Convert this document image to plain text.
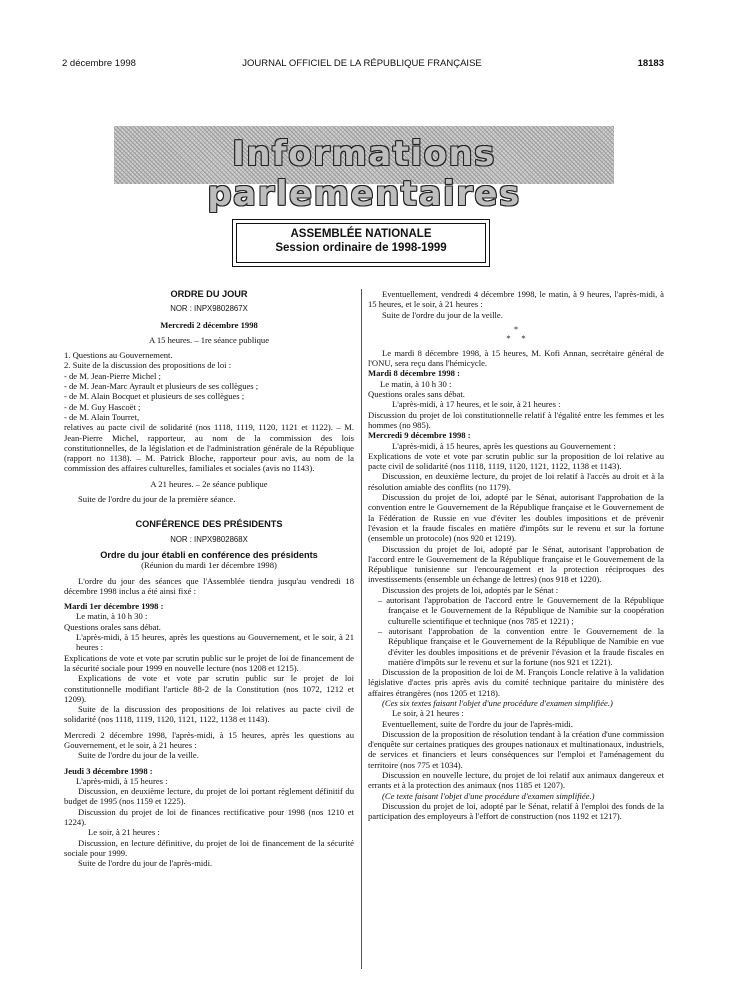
2 décembre 1998	JOURNAL OFFICIEL DE LA RÉPUBLIQUE FRANÇAISE	18183
Informations parlementaires
ASSEMBLÉE NATIONALE
Session ordinaire de 1998-1999

ORDRE DU JOUR

NOR : INPX9802867X

Mercredi 2 décembre 1998

A 15 heures. – 1re séance publique

1. Questions au Gouvernement.

2. Suite de la discussion des propositions de loi :

- de M. Jean-Pierre Michel ;

- de M. Jean-Marc Ayrault et plusieurs de ses collègues ;

- de M. Alain Bocquet et plusieurs de ses collègues ;

- de M. Guy Hascoët ;

- de M. Alain Tourret,

relatives au pacte civil de solidarité (nos 1118, 1119, 1120, 1121 et 1122). – M. Jean-Pierre Michel, rapporteur, au nom de la commission des lois constitutionnelles, de la législation et de l'administration générale de la République (rapport no 1138). – M. Patrick Bloche, rapporteur pour avis, au nom de la commission des affaires culturelles, familiales et sociales (avis no 1143).

A 21 heures. – 2e séance publique

Suite de l'ordre du jour de la première séance.

CONFÉRENCE DES PRÉSIDENTS

NOR : INPX9802868X

Ordre du jour établi en conférence des présidents

(Réunion du mardi 1er décembre 1998)

L'ordre du jour des séances que l'Assemblée tiendra jusqu'au vendredi 18 décembre 1998 inclus a été ainsi fixé :

Mardi 1er décembre 1998 :

Le matin, à 10 h 30 :

Questions orales sans débat.

L'après-midi, à 15 heures, après les questions au Gouvernement, et le soir, à 21 heures :

Explications de vote et vote par scrutin public sur le projet de loi de financement de la sécurité sociale pour 1999 en nouvelle lecture (nos 1208 et 1215).

Explications de vote et vote par scrutin public sur le projet de loi constitutionnelle modifiant l'article 88-2 de la Constitution (nos 1072, 1212 et 1209).

Suite de la discussion des propositions de loi relatives au pacte civil de solidarité (nos 1118, 1119, 1120, 1121, 1122, 1138 et 1143).

Mercredi 2 décembre 1998, l'après-midi, à 15 heures, après les questions au Gouvernement, et le soir, à 21 heures :

Suite de l'ordre du jour de la veille.

Jeudi 3 décembre 1998 :

L'après-midi, à 15 heures :

Discussion, en deuxième lecture, du projet de loi portant règlement définitif du budget de 1995 (nos 1159 et 1225).

Discussion du projet de loi de finances rectificative pour 1998 (nos 1210 et 1224).

Le soir, à 21 heures :

Discussion, en lecture définitive, du projet de loi de financement de la sécurité sociale pour 1999.

Suite de l'ordre du jour de l'après-midi.

Eventuellement, vendredi 4 décembre 1998, le matin, à 9 heures, l'après-midi, à 15 heures, et le soir, à 21 heures :

Suite de l'ordre du jour de la veille.

*
*     *

Le mardi 8 décembre 1998, à 15 heures, M. Kofi Annan, secrétaire général de l'ONU, sera reçu dans l'hémicycle.

Mardi 8 décembre 1998 :

Le matin, à 10 h 30 :

Questions orales sans débat.

L'après-midi, à 17 heures, et le soir, à 21 heures :

Discussion du projet de loi constitutionnelle relatif à l'égalité entre les femmes et les hommes (no 985).

Mercredi 9 décembre 1998 :

L'après-midi, à 15 heures, après les questions au Gouvernement :

Explications de vote et vote par scrutin public sur la proposition de loi relative au pacte civil de solidarité (nos 1118, 1119, 1120, 1121, 1122, 1138 et 1143).

Discussion, en deuxième lecture, du projet de loi relatif à l'accès au droit et à la résolution amiable des conflits (no 1179).

Discussion du projet de loi, adopté par le Sénat, autorisant l'approbation de la convention entre le Gouvernement de la République française et le Gouvernement de la Fédération de Russie en vue d'éviter les doubles impositions et de prévenir l'évasion et la fraude fiscales en matière d'impôts sur le revenu et sur la fortune (ensemble un protocole) (nos 920 et 1219).

Discussion du projet de loi, adopté par le Sénat, autorisant l'approbation de l'accord entre le Gouvernement de la République française et le Gouvernement de la République tunisienne sur l'encouragement et la protection réciproques des investissements (ensemble un échange de lettres) (nos 918 et 1220).

Discussion des projets de loi, adoptés par le Sénat :

– autorisant l'approbation de l'accord entre le Gouvernement de la République française et le Gouvernement de la République de Namibie sur la coopération culturelle scientifique et technique (nos 785 et 1221) ;

– autorisant l'approbation de la convention entre le Gouvernement de la République française et le Gouvernement de la République de Namibie en vue d'éviter les doubles impositions et de prévenir l'évasion et la fraude fiscales en matière d'impôts sur le revenu et sur la fortune (nos 921 et 1221).

Discussion de la proposition de loi de M. François Loncle relative à la validation législative d'actes pris après avis du comité technique paritaire du ministère des affaires étrangères (nos 1205 et 1218).

(Ces six textes faisant l'objet d'une procédure d'examen simplifiée.)

Le soir, à 21 heures :

Eventuellement, suite de l'ordre du jour de l'après-midi.

Discussion de la proposition de résolution tendant à la création d'une commission d'enquête sur certaines pratiques des groupes nationaux et multinationaux, industriels, de services et financiers et leurs conséquences sur l'emploi et l'aménagement du territoire (nos 775 et 1034).

Discussion en nouvelle lecture, du projet de loi relatif aux animaux dangereux et errants et à la protection des animaux (nos 1185 et 1207).

(Ce texte faisant l'objet d'une procédure d'examen simplifiée.)

Discussion du projet de loi, adopté par le Sénat, relatif à l'emploi des fonds de la participation des employeurs à l'effort de construction (nos 1192 et 1217).
